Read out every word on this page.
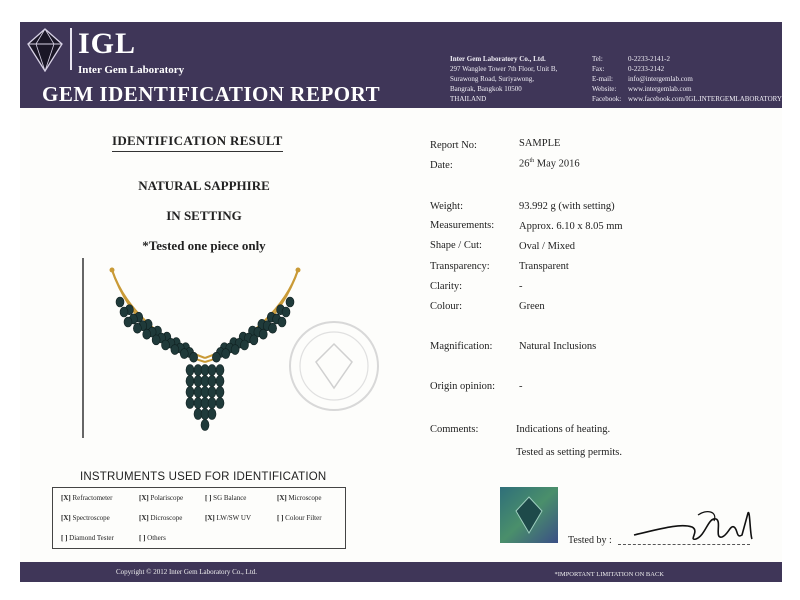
IGL
Inter Gem Laboratory
GEM IDENTIFICATION REPORT
Inter Gem Laboratory Co., Ltd.
297 Wanglee Tower 7th Floor, Unit B,
Surawong Road, Suriyawong,
Bangrak, Bangkok 10500
THAILAND
Tel:	0-2233-2141-2
Fax:	0-2233-2142
E-mail:	info@intergemlab.com
Website:	www.intergemlab.com
Facebook: www.facebook.com/IGL.INTERGEMLABORATORY
IDENTIFICATION RESULT
NATURAL SAPPHIRE
IN SETTING
*Tested one piece only
INSTRUMENTS USED FOR IDENTIFICATION
[X] Refractometer	[X] Polariscope	[ ] SG Balance	[X] Microscope
[X] Spectroscope	[X] Dicroscope	[X] LW/SW UV	[ ] Colour Filter
[ ] Diamond Tester	[ ] Others
Report No:	SAMPLE
Date:	26th May 2016
Weight:	93.992 g (with setting)
Measurements: Approx. 6.10 x 8.05 mm
Shape / Cut:	Oval / Mixed
Transparency:	Transparent
Clarity:	-
Colour:	Green
Magnification:	Natural Inclusions
Origin opinion: -
Comments:	Indications of heating.
Tested as setting permits.
Tested by :
Copyright © 2012 Inter Gem Laboratory Co., Ltd.	*IMPORTANT LIMITATION ON BACK
